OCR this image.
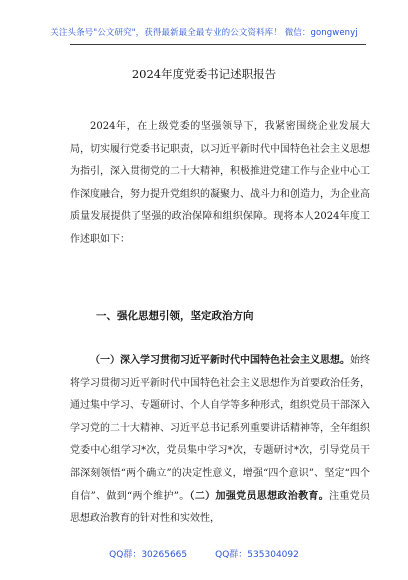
关注头条号"公文研究"，获得最新最全最专业的公文资料库！ 微信：gongwenyj
2024年度党委书记述职报告
2024年，在上级党委的坚强领导下，我紧密围绕企业发展大局，切实履行党委书记职责，以习近平新时代中国特色社会主义思想为指引，深入贯彻党的二十大精神，积极推进党建工作与企业中心工作深度融合，努力提升党组织的凝聚力、战斗力和创造力，为企业高质量发展提供了坚强的政治保障和组织保障。现将本人2024年度工作述职如下：
一、强化思想引领，坚定政治方向
（一）深入学习贯彻习近平新时代中国特色社会主义思想。始终将学习贯彻习近平新时代中国特色社会主义思想作为首要政治任务，通过集中学习、专题研讨、个人自学等多种形式，组织党员干部深入学习党的二十大精神、习近平总书记系列重要讲话精神等，全年组织党委中心组学习*次，党员集中学习*次，专题研讨*次，引导党员干部深刻领悟“两个确立”的决定性意义，增强“四个意识”、坚定“四个自信”、做到“两个维护”。（二）加强党员思想政治教育。注重党员思想政治教育的针对性和实效性，
QQ群：30265665	QQ群：535304092
